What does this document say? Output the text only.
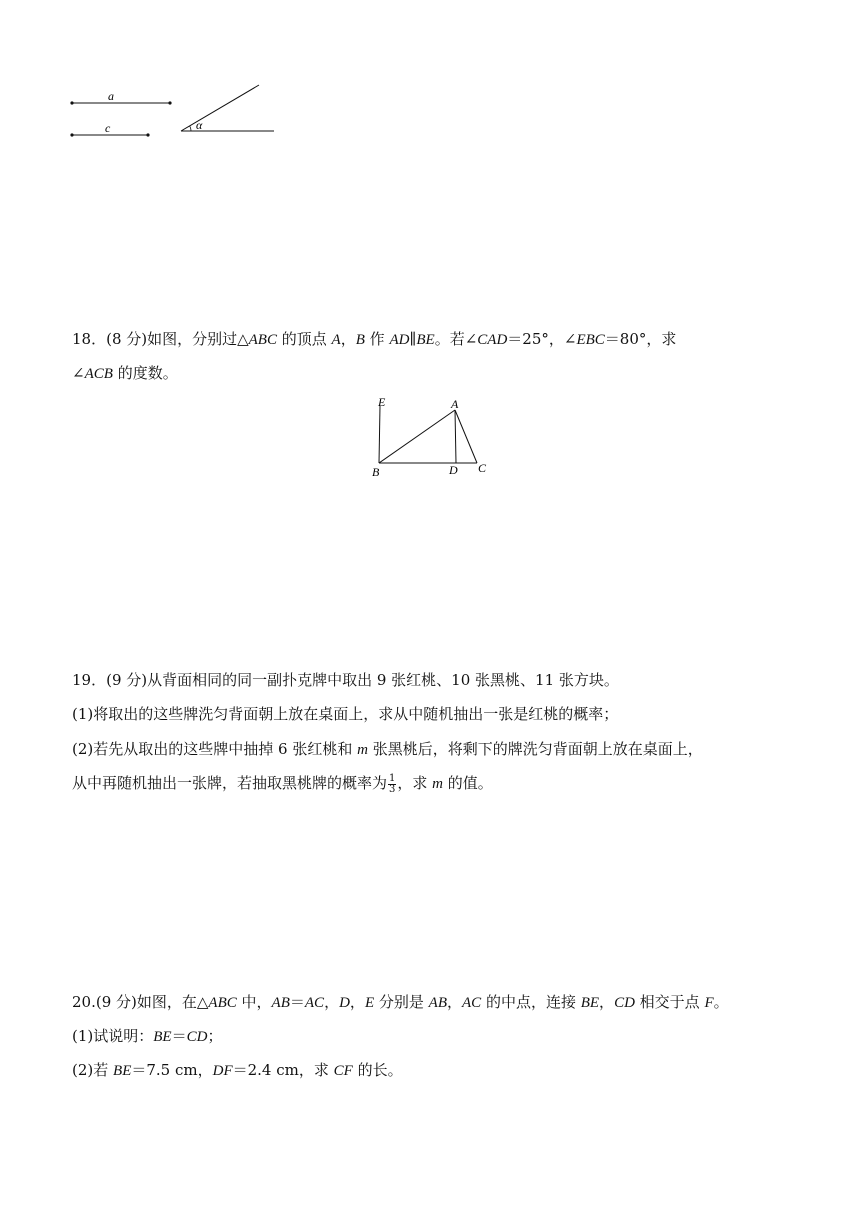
a
c	α
18．(8 分)如图，分别过△ABC 的顶点 A，B 作 AD∥BE。若∠CAD＝25°，∠EBC＝80°，求
∠ACB 的度数。
E	A
B	D C
19．(9 分)从背面相同的同一副扑克牌中取出 9 张红桃、10 张黑桃、11 张方块。
(1)将取出的这些牌洗匀背面朝上放在桌面上，求从中随机抽出一张是红桃的概率；
(2)若先从取出的这些牌中抽掉 6 张红桃和 m 张黑桃后，将剩下的牌洗匀背面朝上放在桌面上，
从中再随机抽出一张牌，若抽取黑桃牌的概率为 $\frac{1}{3}$ ，求 m 的值。
20.(9 分)如图，在△ABC 中，AB＝AC，D，E 分别是 AB，AC 的中点，连接 BE，CD 相交于点 F。
(1)试说明：BE＝CD；
(2)若 BE＝7.5 cm，DF＝2.4 cm，求 CF 的长。
